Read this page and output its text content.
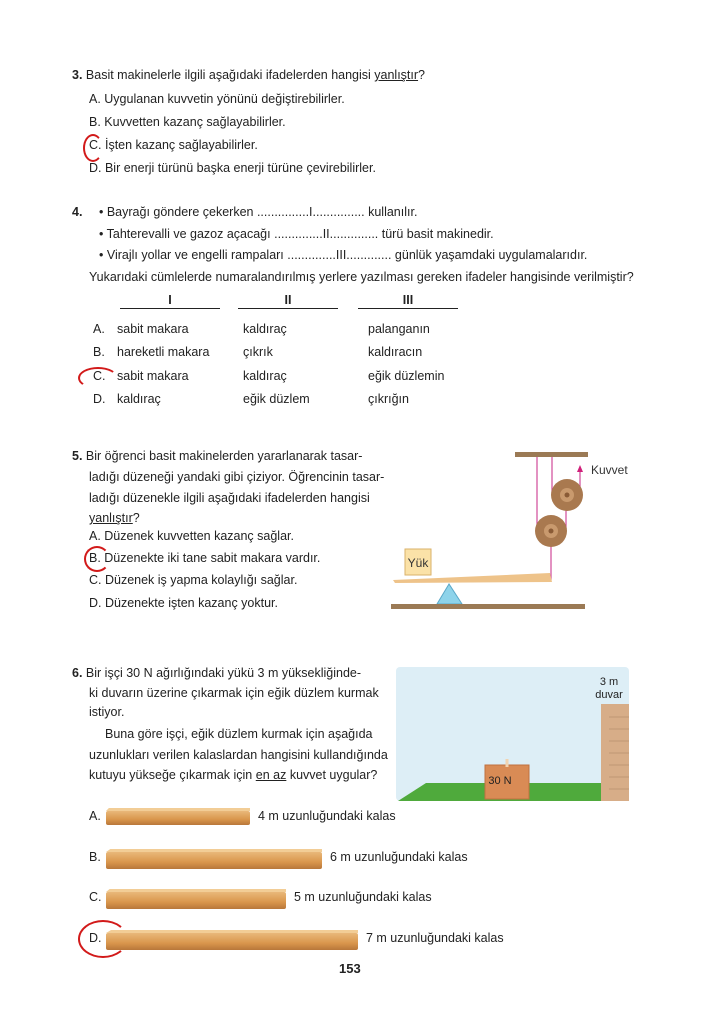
3. Basit makinelerle ilgili aşağıdaki ifadelerden hangisi yanlıştır?
A. Uygulanan kuvvetin yönünü değiştirebilirler.
B. Kuvvetten kazanç sağlayabilirler.
C. İşten kazanç sağlayabilirler.
D. Bir enerji türünü başka enerji türüne çevirebilirler.
4. • Bayrağı göndere çekerken ...............I............... kullanılır.
• Tahterevalli ve gazoz açacağı ..............II.............. türü basit makinedir.
• Virajlı yollar ve engelli rampaları ..............III............. günlük yaşamdaki uygulamalarıdır.
Yukarıdaki cümlelerde numaralandırılmış yerlere yazılması gereken ifadeler hangisinde verilmiştir?
I	II	III
A. sabit makara	kaldıraç	palanganın
B. hareketli makara	çıkrık	kaldıracın
C. sabit makara	kaldıraç	eğik düzlemin
D. kaldıraç	eğik düzlem	çıkrığın
5. Bir öğrenci basit makinelerden yararlanarak tasar-
ladığı düzeneği yandaki gibi çiziyor. Öğrencinin tasar-
ladığı düzenekle ilgili aşağıdaki ifadelerden hangisi
yanlıştır?
A. Düzenek kuvvetten kazanç sağlar.
B. Düzenekte iki tane sabit makara vardır.
C. Düzenek iş yapma kolaylığı sağlar.
D. Düzenekte işten kazanç yoktur.
Yük
Kuvvet
6. Bir işçi 30 N ağırlığındaki yükü 3 m yüksekliğinde-
ki duvarın üzerine çıkarmak için eğik düzlem kurmak
istiyor.
Buna göre işçi, eğik düzlem kurmak için aşağıda
uzunlukları verilen kalaslardan hangisini kullandığında
kutuyu yükseğe çıkarmak için en az kuvvet uygular?	30 N
3 m
duvar
A.	4 m uzunluğundaki kalas
B.	6 m uzunluğundaki kalas
C.	5 m uzunluğundaki kalas
D.	7 m uzunluğundaki kalas
153
